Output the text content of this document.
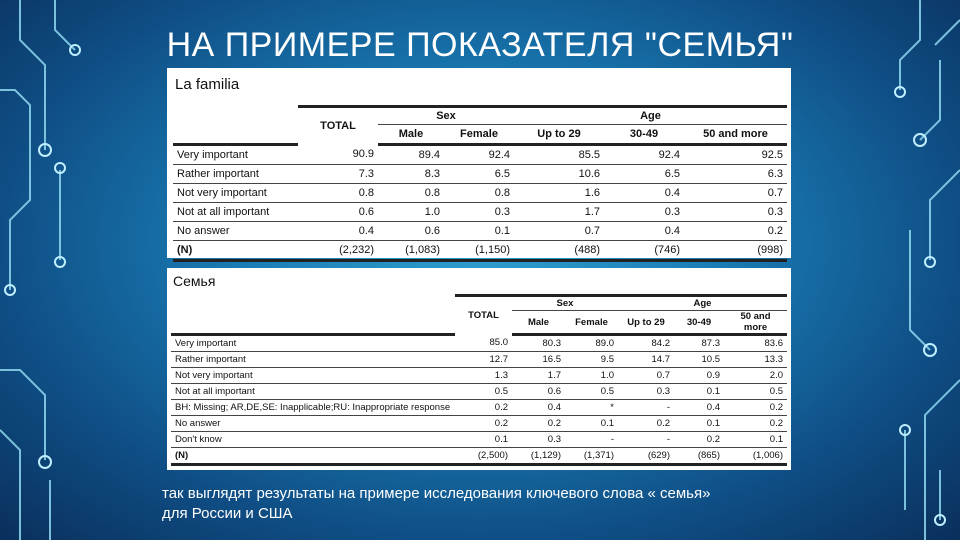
НА ПРИМЕРЕ ПОКАЗАТЕЛЯ "СЕМЬЯ"
La familia
	TOTAL	Sex		Age		
		Male	Female	Up to 29	30-49	50 and more
Very important	90.9	89.4	92.4	85.5	92.4	92.5
Rather important	7.3	8.3	6.5	10.6	6.5	6.3
Not very important	0.8	0.8	0.8	1.6	0.4	0.7
Not at all important	0.6	1.0	0.3	1.7	0.3	0.3
No answer	0.4	0.6	0.1	0.7	0.4	0.2
(N)	(2,232)	(1,083)	(1,150)	(488)	(746)	(998)
Семья
	TOTAL	Sex		Age		
		Male	Female	Up to 29	30-49	50 and more
Very important	85.0	80.3	89.0	84.2	87.3	83.6
Rather important	12.7	16.5	9.5	14.7	10.5	13.3
Not very important	1.3	1.7	1.0	0.7	0.9	2.0
Not at all important	0.5	0.6	0.5	0.3	0.1	0.5
BH: Missing; AR,DE,SE: Inapplicable;RU: Inappropriate response	0.2	0.4	*	-	0.4	0.2
No answer	0.2	0.2	0.1	0.2	0.1	0.2
Don't know	0.1	0.3	-	-	0.2	0.1
(N)	(2,500)	(1,129)	(1,371)	(629)	(865)	(1,006)
так выглядят результаты на примере исследования ключевого слова « семья»
для России и США
